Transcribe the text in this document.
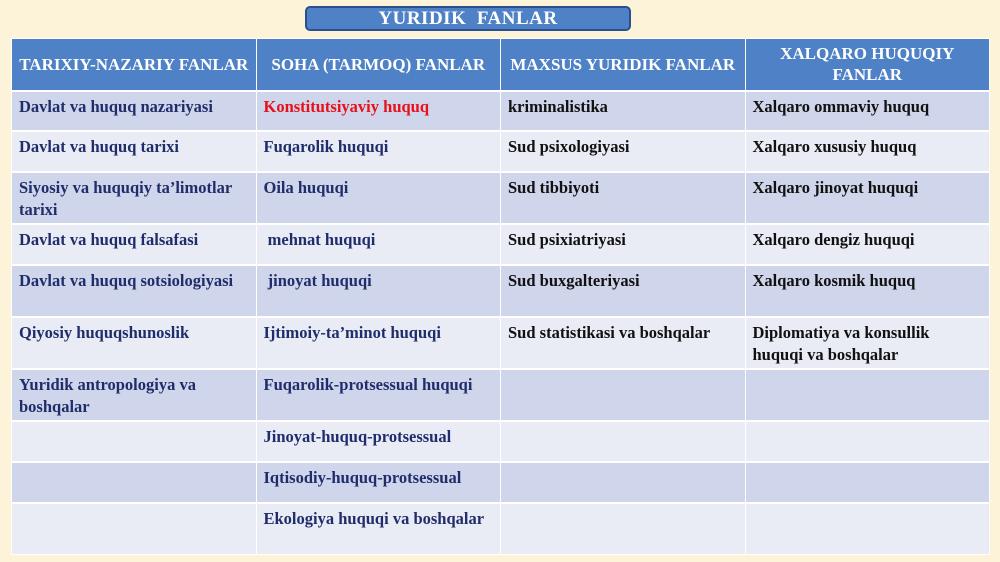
YURIDIK  FANLAR
TARIXIY-NAZARIY FANLAR	SOHA (TARMOQ) FANLAR	MAXSUS YURIDIK FANLAR	XALQARO HUQUQIY FANLAR
Davlat va huquq nazariyasi	Konstitutsiyaviy huquq	kriminalistika	Xalqaro ommaviy huquq
Davlat va huquq tarixi	Fuqarolik huquqi	Sud psixologiyasi	Xalqaro xususiy huquq
Siyosiy va huquqiy ta’limotlar tarixi	Oila huquqi	Sud tibbiyoti	Xalqaro jinoyat huquqi
Davlat va huquq falsafasi	mehnat huquqi	Sud psixiatriyasi	Xalqaro dengiz huquqi
Davlat va huquq sotsiologiyasi	jinoyat huquqi	Sud buxgalteriyasi	Xalqaro kosmik huquq
Qiyosiy huquqshunoslik	Ijtimoiy-ta’minot huquqi	Sud statistikasi va boshqalar	Diplomatiya va konsullik huquqi va boshqalar
Yuridik antropologiya va boshqalar	Fuqarolik-protsessual huquqi		
	Jinoyat-huquq-protsessual		
	Iqtisodiy-huquq-protsessual		
	Ekologiya huquqi va boshqalar		
